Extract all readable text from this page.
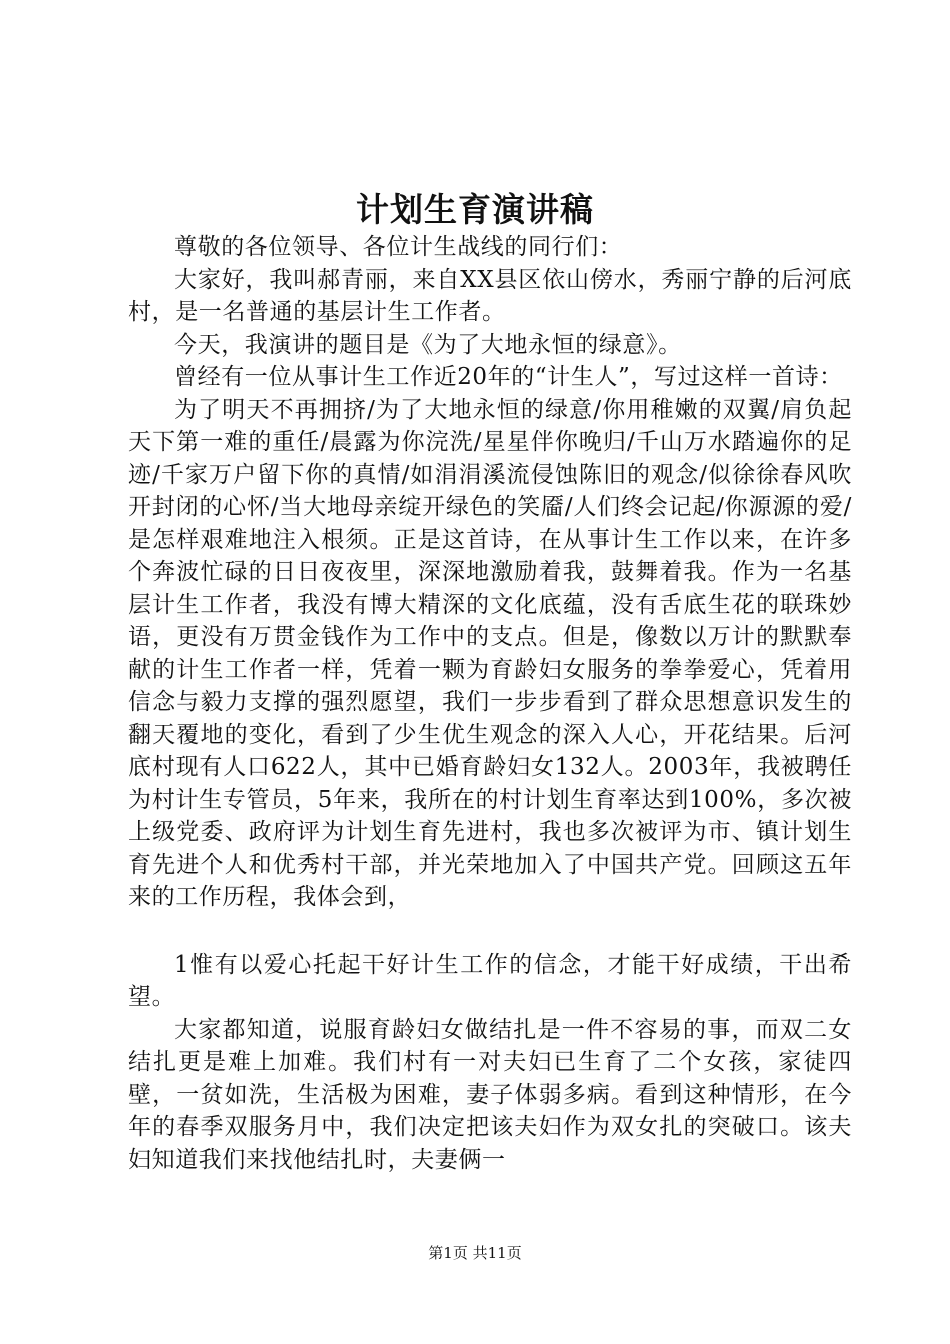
计划生育演讲稿

尊敬的各位领导、各位计生战线的同行们：

大家好，我叫郝青丽，来自XX县区依山傍水，秀丽宁静的后河底村，是一名普通的基层计生工作者。

今天，我演讲的题目是《为了大地永恒的绿意》。

曾经有一位从事计生工作近20年的“计生人”，写过这样一首诗：

为了明天不再拥挤/为了大地永恒的绿意/你用稚嫩的双翼/肩负起天下第一难的重任/晨露为你浣洗/星星伴你晚归/千山万水踏遍你的足迹/千家万户留下你的真情/如涓涓溪流侵蚀陈旧的观念/似徐徐春风吹开封闭的心怀/当大地母亲绽开绿色的笑靥/人们终会记起/你源源的爱/是怎样艰难地注入根须。正是这首诗，在从事计生工作以来，在许多个奔波忙碌的日日夜夜里，深深地激励着我，鼓舞着我。作为一名基层计生工作者，我没有博大精深的文化底蕴，没有舌底生花的联珠妙语，更没有万贯金钱作为工作中的支点。但是，像数以万计的默默奉献的计生工作者一样，凭着一颗为育龄妇女服务的拳拳爱心，凭着用信念与毅力支撑的强烈愿望，我们一步步看到了群众思想意识发生的翻天覆地的变化，看到了少生优生观念的深入人心，开花结果。后河底村现有人口622人，其中已婚育龄妇女132人。2003年，我被聘任为村计生专管员，5年来，我所在的村计划生育率达到100%，多次被上级党委、政府评为计划生育先进村，我也多次被评为市、镇计划生育先进个人和优秀村干部，并光荣地加入了中国共产党。回顾这五年来的工作历程，我体会到，

1惟有以爱心托起干好计生工作的信念，才能干好成绩，干出希望。

大家都知道，说服育龄妇女做结扎是一件不容易的事，而双二女结扎更是难上加难。我们村有一对夫妇已生育了二个女孩，家徒四壁，一贫如洗，生活极为困难，妻子体弱多病。看到这种情形，在今年的春季双服务月中，我们决定把该夫妇作为双女扎的突破口。该夫妇知道我们来找他结扎时，夫妻俩一

第1页 共11页
